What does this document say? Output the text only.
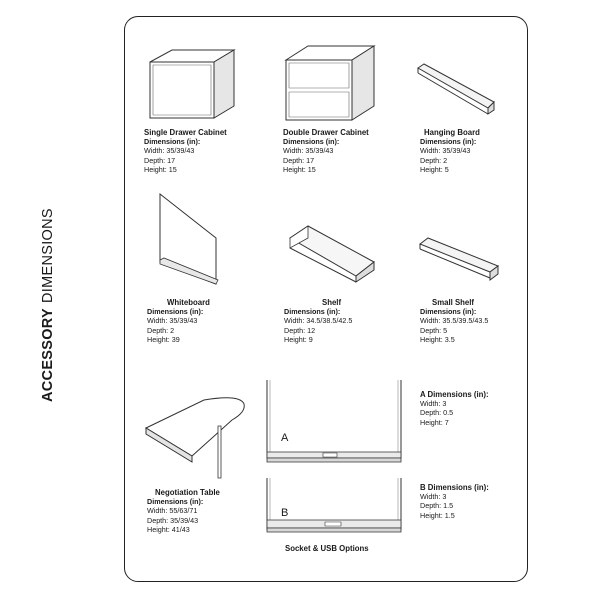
ACCESSORY
DIMENSIONS
Single Drawer Cabinet
Dimensions (in):
Width: 35/39/43
Depth: 17
Height: 15
Double Drawer Cabinet
Dimensions (in):
Width: 35/39/43
Depth: 17
Height: 15
Hanging Board
Dimensions (in):
Width: 35/39/43
Depth: 2
Height: 5
Whiteboard
Dimensions (in):
Width: 35/39/43
Depth: 2
Height: 39
Shelf
Dimensions (in):
Width: 34.5/38.5/42.5
Depth: 12
Height: 9
Small Shelf
Dimensions (in):
Width: 35.5/39.5/43.5
Depth: 5
Height: 3.5
Negotiation Table
Dimensions (in):
Width: 55/63/71
Depth: 35/39/43
Height: 41/43
A
A Dimensions (in):
Width: 3
Depth: 0.5
Height: 7
B
B Dimensions (in):
Width: 3
Depth: 1.5
Height: 1.5
Socket & USB Options
